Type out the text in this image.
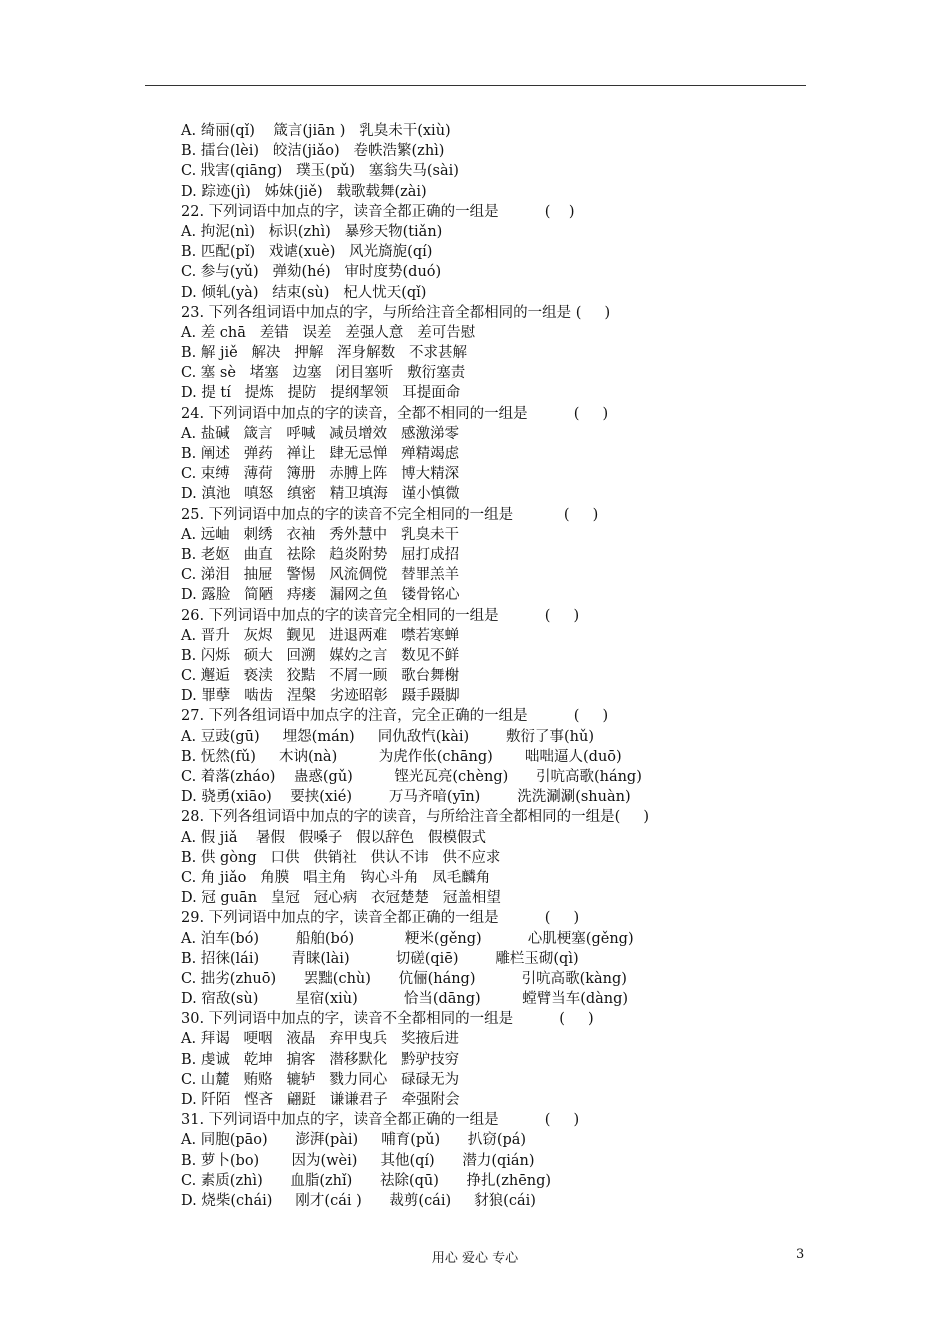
A. 绮丽(qǐ)    箴言(jiān )   乳臭未干(xiù)
B. 擂台(lèi)   皎洁(jiǎo)   卷帙浩繁(zhì)
C. 戕害(qiāng)   璞玉(pǔ)   塞翁失马(sài)
D. 踪迹(jì)   姊妹(jiě)   载歌载舞(zài)
22. 下列词语中加点的字，读音全都正确的一组是          (    )
A. 拘泥(nì)   标识(zhì)   暴殄天物(tiǎn)
B. 匹配(pǐ)   戏谑(xuè)   风光旖旎(qí)
C. 参与(yǔ)   弹劾(hé)   审时度势(duó)
D. 倾轧(yà)   结束(sù)   杞人忧天(qǐ)
23. 下列各组词语中加点的字，与所给注音全都相同的一组是 (     )
A. 差 chā   差错   误差   差强人意   差可告慰
B. 解 jiě   解决   押解   浑身解数   不求甚解
C. 塞 sè   堵塞   边塞   闭目塞听   敷衍塞责
D. 提 tí   提炼   提防   提纲挈领   耳提面命
24. 下列词语中加点的字的读音，全都不相同的一组是          (     )
A. 盐碱   箴言   呼喊   减员增效   感激涕零
B. 阐述   弹药   禅让   肆无忌惮   殚精竭虑
C. 束缚   薄荷   簿册   赤膊上阵   博大精深
D. 滇池   嗔怒   缜密   精卫填海   谨小慎微
25. 下列词语中加点的字的读音不完全相同的一组是           (     )
A. 远岫   刺绣   衣袖   秀外慧中   乳臭未干
B. 老妪   曲直   祛除   趋炎附势   屈打成招
C. 涕泪   抽屉   警惕   风流倜傥   替罪羔羊
D. 露脸   简陋   痔瘘   漏网之鱼   镂骨铭心
26. 下列词语中加点的字的读音完全相同的一组是          (     )
A. 晋升   灰烬   觐见   进退两难   噤若寒蝉
B. 闪烁   硕大   回溯   媒妁之言   数见不鲜
C. 邂逅   亵渎   狡黠   不屑一顾   歌台舞榭
D. 罪孽   啮齿   涅槃   劣迹昭彰   蹑手蹑脚
27. 下列各组词语中加点字的注音，完全正确的一组是          (     )
A. 豆豉(gū)     埋怨(mán)     同仇敌忾(kài)        敷衍了事(hǔ)
B. 怃然(fǔ)     木讷(nà)         为虎作伥(chāng)       咄咄逼人(duō)
C. 着落(zháo)    蛊惑(gǔ)         铿光瓦亮(chèng)      引吭高歌(háng)
D. 骁勇(xiāo)    要挟(xié)        万马齐喑(yīn)        洗洗涮涮(shuàn)
28. 下列各组词语中加点的字的读音，与所给注音全都相同的一组是(     )
A. 假 jiǎ    暑假   假嗓子   假以辞色   假模假式
B. 供 gòng   口供   供销社   供认不讳   供不应求
C. 角 jiǎo   角膜   唱主角   钩心斗角   凤毛麟角
D. 冠 guān   皇冠   冠心病   衣冠楚楚   冠盖相望
29. 下列词语中加点的字，读音全都正确的一组是          (     )
A. 泊车(bó)        船舶(bó)           粳米(gěng)          心肌梗塞(gěng)
B. 招徕(lái)       青睐(lài)          切磋(qiē)        雕栏玉砌(qì)
C. 拙劣(zhuō)      罢黜(chù)      伉俪(háng)          引吭高歌(kàng)
D. 宿敌(sù)        星宿(xiù)          恰当(dāng)         螳臂当车(dàng)
30. 下列词语中加点的字，读音不全都相同的一组是          (     )
A. 拜谒   哽咽   液晶   弃甲曳兵   奖掖后进
B. 虔诚   乾坤   掮客   潜移默化   黔驴技穷
C. 山麓   贿赂   辘轳   戮力同心   碌碌无为
D. 阡陌   悭吝   翩跹   谦谦君子   牵强附会
31. 下列词语中加点的字，读音全都正确的一组是          (     )
A. 同胞(pāo)      澎湃(pài)     哺育(pǔ)      扒窃(pá)
B. 萝卜(bo)       因为(wèi)     其他(qí)      潜力(qián)
C. 素质(zhì)      血脂(zhǐ)      祛除(qū)      挣扎(zhēng)
D. 烧柴(chái)     刚才(cái )      裁剪(cái)     豺狼(cái)
用心 爱心 专心	3
